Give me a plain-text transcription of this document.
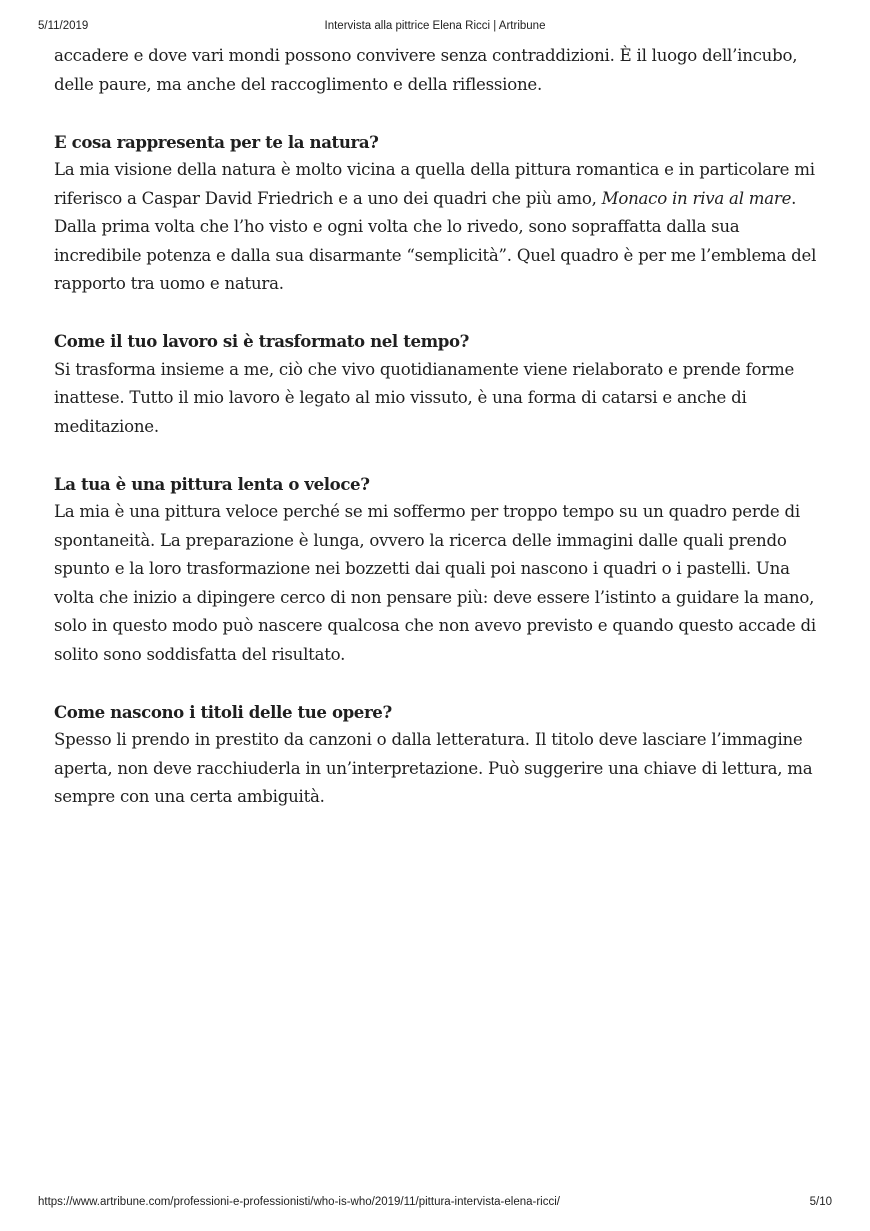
5/11/2019	Intervista alla pittrice Elena Ricci | Artribune

accadere e dove vari mondi possono convivere senza contraddizioni. È il luogo dell’incubo, delle paure, ma anche del raccoglimento e della riflessione.

E cosa rappresenta per te la natura?

La mia visione della natura è molto vicina a quella della pittura romantica e in particolare mi riferisco a Caspar David Friedrich e a uno dei quadri che più amo, Monaco in riva al mare. Dalla prima volta che l’ho visto e ogni volta che lo rivedo, sono sopraffatta dalla sua incredibile potenza e dalla sua disarmante “semplicità”. Quel quadro è per me l’emblema del rapporto tra uomo e natura.

Come il tuo lavoro si è trasformato nel tempo?

Si trasforma insieme a me, ciò che vivo quotidianamente viene rielaborato e prende forme inattese. Tutto il mio lavoro è legato al mio vissuto, è una forma di catarsi e anche di meditazione.

La tua è una pittura lenta o veloce?

La mia è una pittura veloce perché se mi soffermo per troppo tempo su un quadro perde di spontaneità. La preparazione è lunga, ovvero la ricerca delle immagini dalle quali prendo spunto e la loro trasformazione nei bozzetti dai quali poi nascono i quadri o i pastelli. Una volta che inizio a dipingere cerco di non pensare più: deve essere l’istinto a guidare la mano, solo in questo modo può nascere qualcosa che non avevo previsto e quando questo accade di solito sono soddisfatta del risultato.

Come nascono i titoli delle tue opere?

Spesso li prendo in prestito da canzoni o dalla letteratura. Il titolo deve lasciare l’immagine aperta, non deve racchiuderla in un’interpretazione. Può suggerire una chiave di lettura, ma sempre con una certa ambiguità.

https://www.artribune.com/professioni-e-professionisti/who-is-who/2019/11/pittura-intervista-elena-ricci/	5/10
